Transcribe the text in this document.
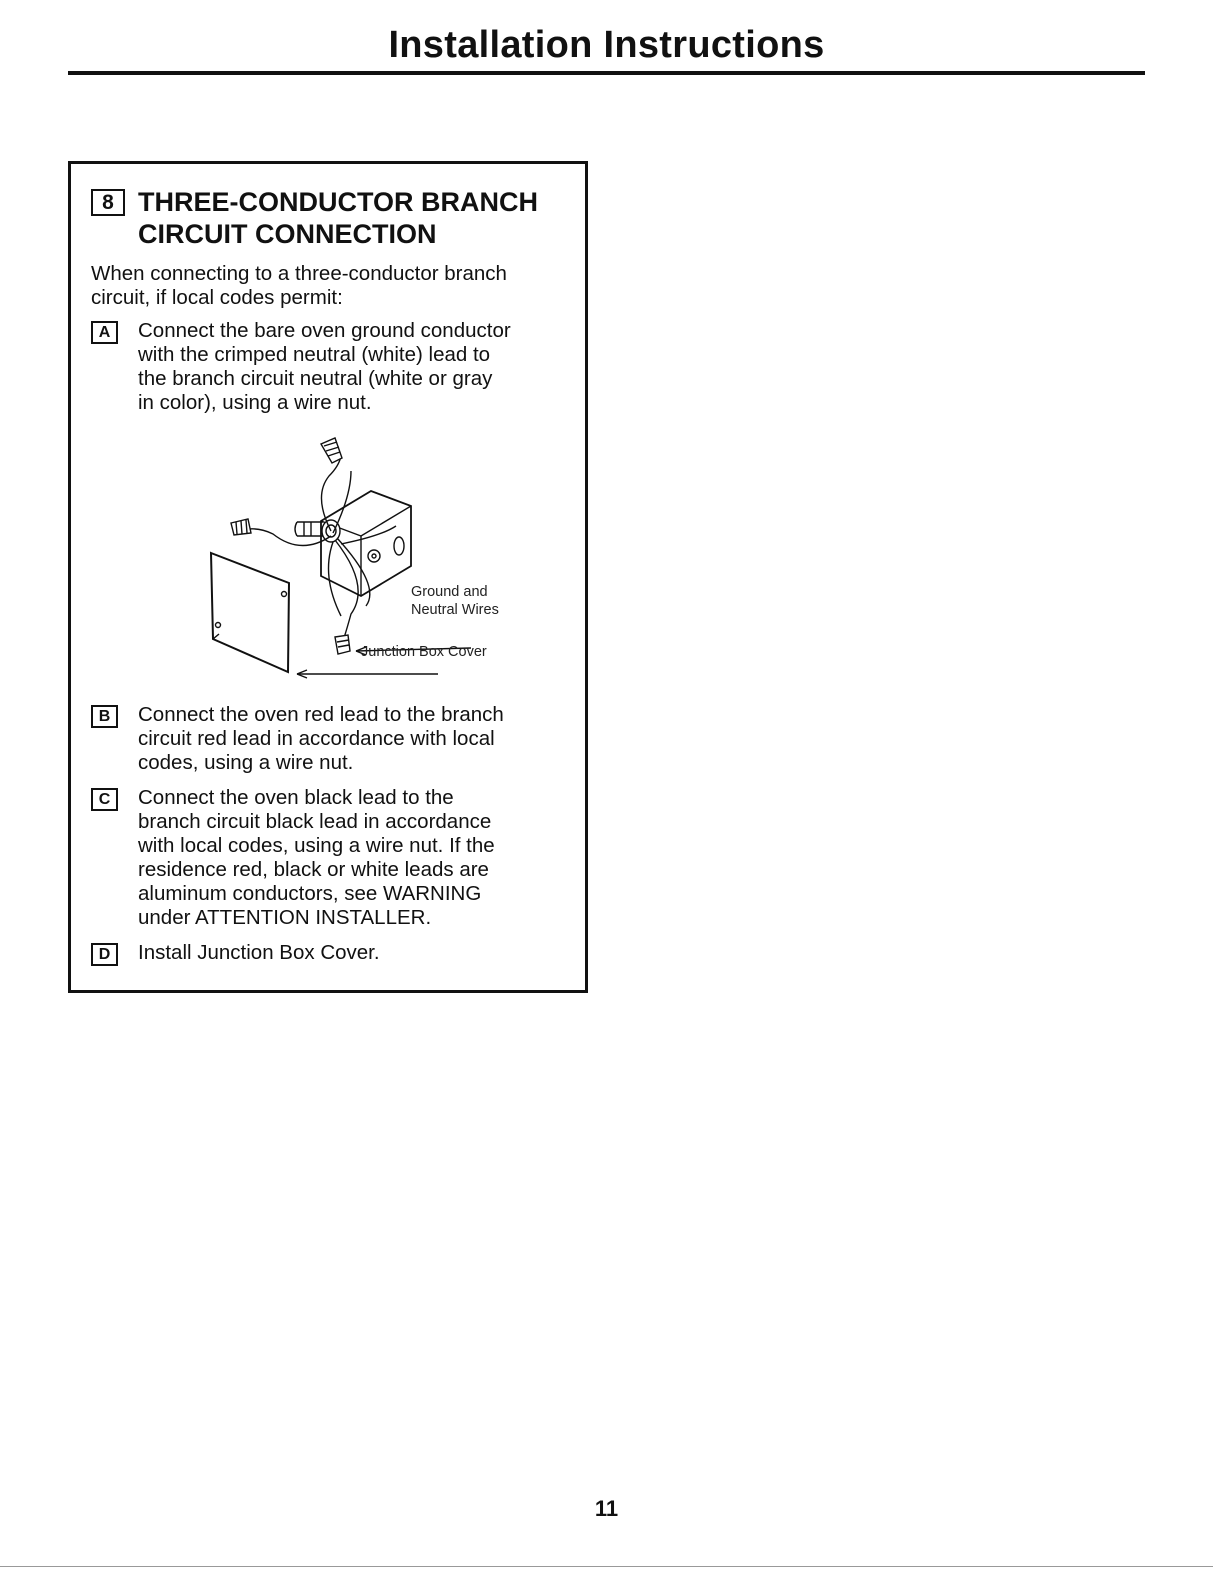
Installation Instructions
8 THREE-CONDUCTOR BRANCH
CIRCUIT CONNECTION
When connecting to a three-conductor branch
circuit, if local codes permit:
A	Connect the bare oven ground conductor
with the crimped neutral (white) lead to
the branch circuit neutral (white or gray
in color), using a wire nut.
Ground and
Neutral Wires
Junction Box Cover
B	Connect the oven red lead to the branch
circuit red lead in accordance with local
codes, using a wire nut.
C	Connect the oven black lead to the
branch circuit black lead in accordance
with local codes, using a wire nut. If the
residence red, black or white leads are
aluminum conductors, see WARNING
under ATTENTION INSTALLER.
D	Install Junction Box Cover.
11
